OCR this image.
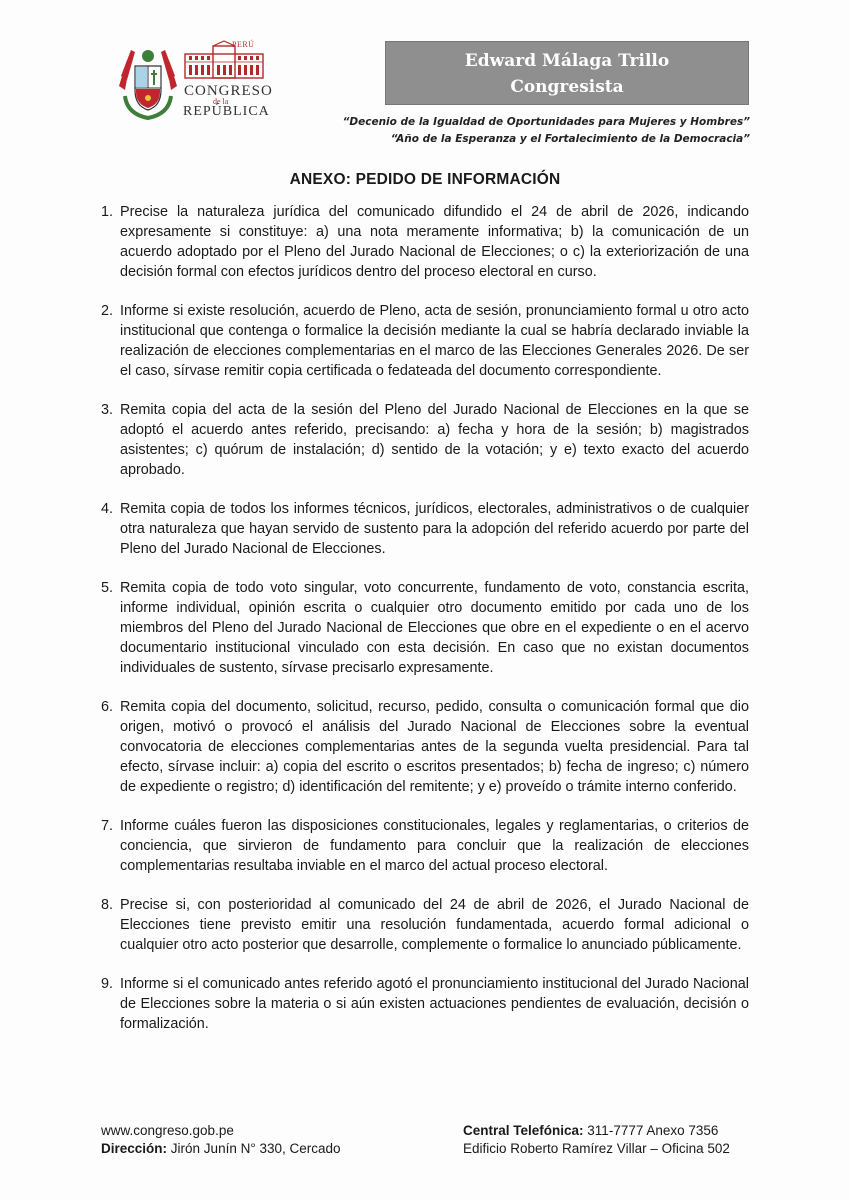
PERÚ
CONGRESO
de la
REPÚBLICA
Edward Málaga Trillo
Congresista
“Decenio de la Igualdad de Oportunidades para Mujeres y Hombres”
“Año de la Esperanza y el Fortalecimiento de la Democracia”
ANEXO: PEDIDO DE INFORMACIÓN
1. Precise la naturaleza jurídica del comunicado difundido el 24 de abril de 2026, indicando expresamente si constituye: a) una nota meramente informativa; b) la comunicación de un acuerdo adoptado por el Pleno del Jurado Nacional de Elecciones; o c) la exteriorización de una decisión formal con efectos jurídicos dentro del proceso electoral en curso.
2. Informe si existe resolución, acuerdo de Pleno, acta de sesión, pronunciamiento formal u otro acto institucional que contenga o formalice la decisión mediante la cual se habría declarado inviable la realización de elecciones complementarias en el marco de las Elecciones Generales 2026. De ser el caso, sírvase remitir copia certificada o fedateada del documento correspondiente.
3. Remita copia del acta de la sesión del Pleno del Jurado Nacional de Elecciones en la que se adoptó el acuerdo antes referido, precisando: a) fecha y hora de la sesión; b) magistrados asistentes; c) quórum de instalación; d) sentido de la votación; y e) texto exacto del acuerdo aprobado.
4. Remita copia de todos los informes técnicos, jurídicos, electorales, administrativos o de cualquier otra naturaleza que hayan servido de sustento para la adopción del referido acuerdo por parte del Pleno del Jurado Nacional de Elecciones.
5. Remita copia de todo voto singular, voto concurrente, fundamento de voto, constancia escrita, informe individual, opinión escrita o cualquier otro documento emitido por cada uno de los miembros del Pleno del Jurado Nacional de Elecciones que obre en el expediente o en el acervo documentario institucional vinculado con esta decisión. En caso que no existan documentos individuales de sustento, sírvase precisarlo expresamente.
6. Remita copia del documento, solicitud, recurso, pedido, consulta o comunicación formal que dio origen, motivó o provocó el análisis del Jurado Nacional de Elecciones sobre la eventual convocatoria de elecciones complementarias antes de la segunda vuelta presidencial. Para tal efecto, sírvase incluir: a) copia del escrito o escritos presentados; b) fecha de ingreso; c) número de expediente o registro; d) identificación del remitente; y e) proveído o trámite interno conferido.
7. Informe cuáles fueron las disposiciones constitucionales, legales y reglamentarias, o criterios de conciencia, que sirvieron de fundamento para concluir que la realización de elecciones complementarias resultaba inviable en el marco del actual proceso electoral.
8. Precise si, con posterioridad al comunicado del 24 de abril de 2026, el Jurado Nacional de Elecciones tiene previsto emitir una resolución fundamentada, acuerdo formal adicional o cualquier otro acto posterior que desarrolle, complemente o formalice lo anunciado públicamente.
9. Informe si el comunicado antes referido agotó el pronunciamiento institucional del Jurado Nacional de Elecciones sobre la materia o si aún existen actuaciones pendientes de evaluación, decisión o formalización.
www.congreso.gob.pe
Dirección: Jirón Junín N° 330, Cercado
Central Telefónica: 311-7777 Anexo 7356
Edificio Roberto Ramírez Villar – Oficina 502
